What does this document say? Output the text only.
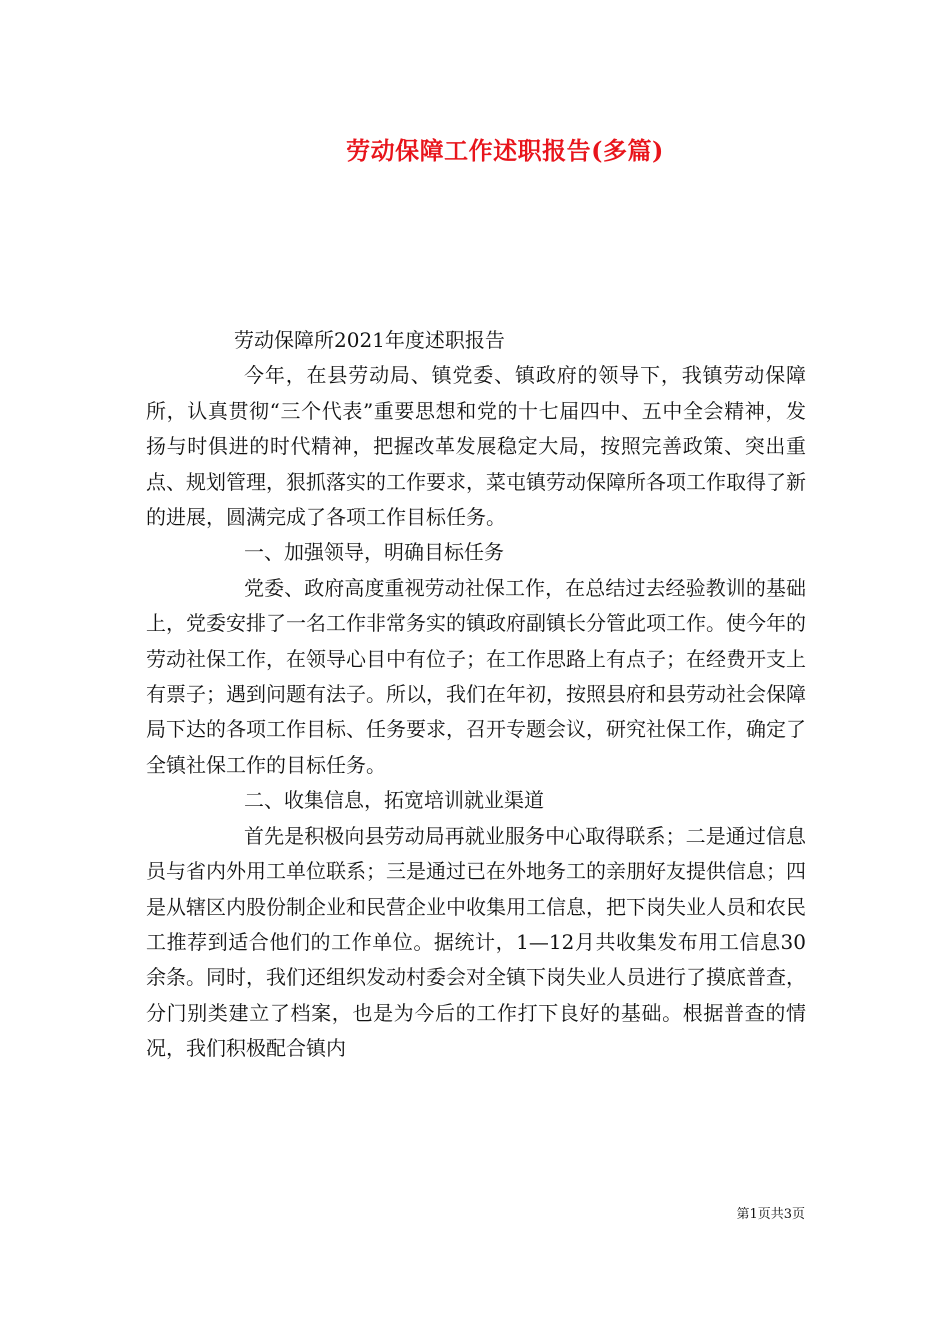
劳动保障工作述职报告(多篇)

劳动保障所2021年度述职报告

今年，在县劳动局、镇党委、镇政府的领导下，我镇劳动保障所，认真贯彻“三个代表”重要思想和党的十七届四中、五中全会精神，发扬与时俱进的时代精神，把握改革发展稳定大局，按照完善政策、突出重点、规划管理，狠抓落实的工作要求，菜屯镇劳动保障所各项工作取得了新的进展，圆满完成了各项工作目标任务。

一、加强领导，明确目标任务

党委、政府高度重视劳动社保工作，在总结过去经验教训的基础上，党委安排了一名工作非常务实的镇政府副镇长分管此项工作。使今年的劳动社保工作，在领导心目中有位子；在工作思路上有点子；在经费开支上有票子；遇到问题有法子。所以，我们在年初，按照县府和县劳动社会保障局下达的各项工作目标、任务要求，召开专题会议，研究社保工作，确定了全镇社保工作的目标任务。

二、收集信息，拓宽培训就业渠道

首先是积极向县劳动局再就业服务中心取得联系；二是通过信息员与省内外用工单位联系；三是通过已在外地务工的亲朋好友提供信息；四是从辖区内股份制企业和民营企业中收集用工信息，把下岗失业人员和农民工推荐到适合他们的工作单位。据统计，1—12月共收集发布用工信息30余条。同时，我们还组织发动村委会对全镇下岗失业人员进行了摸底普查，分门别类建立了档案，也是为今后的工作打下良好的基础。根据普查的情况，我们积极配合镇内

第1页共3页
